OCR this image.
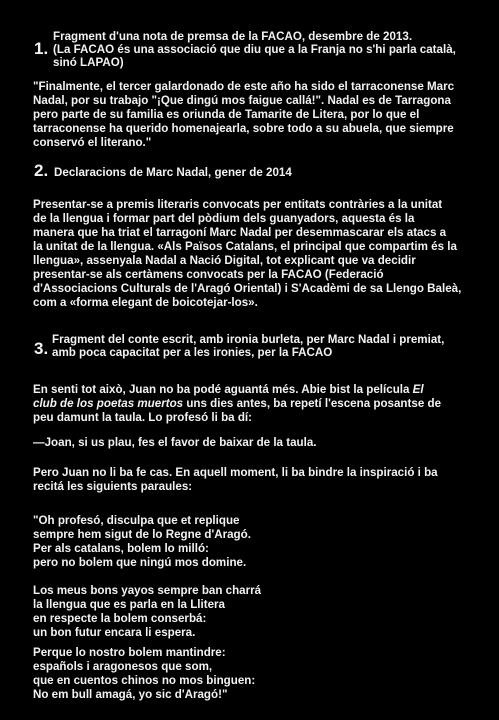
1.
Fragment d'una nota de premsa de la FACAO, desembre de 2013.
(La FACAO és una associació que diu que a la Franja no s'hi parla català,
sinó LAPAO)
"Finalmente, el tercer galardonado de este año ha sido el tarraconense Marc
Nadal, por su trabajo "¡Que dingú mos faigue callá!". Nadal es de Tarragona
pero parte de su familia es oriunda de Tamarite de Litera, por lo que el
tarraconense ha querido homenajearla, sobre todo a su abuela, que siempre
conservó el literano."
2. Declaracions de Marc Nadal, gener de 2014
Presentar-se a premis literaris convocats per entitats contràries a la unitat
de la llengua i formar part del pòdium dels guanyadors, aquesta és la
manera que ha triat el tarragoní Marc Nadal per desemmascarar els atacs a
la unitat de la llengua. «Als Països Catalans, el principal que compartim és la
llengua», assenyala Nadal a Nació Digital, tot explicant que va decidir
presentar-se als certàmens convocats per la FACAO (Federació
d'Associacions Culturals de l'Aragó Oriental) i S'Acadèmi de sa Llengo Baleà,
com a «forma elegant de boicotejar-los».
3. Fragment del conte escrit, amb ironia burleta, per Marc Nadal i premiat,
amb poca capacitat per a les ironies, per la FACAO
En senti tot això, Juan no ba podé aguantá més. Abie bist la película El
club de los poetas muertos uns dies antes, ba repetí l'escena posantse de
peu damunt la taula. Lo profesó li ba dí:
—Joan, si us plau, fes el favor de baixar de la taula.
Pero Juan no li ba fe cas. En aquell moment, li ba bindre la inspiració i ba
recitá les siguients paraules:
"Oh profesó, disculpa que et replique
sempre hem sigut de lo Regne d'Aragó.
Per als catalans, bolem lo milló:
pero no bolem que ningú mos domine.
Los meus bons yayos sempre ban charrá
la llengua que es parla en la Llitera
en respecte la bolem conserbá:
un bon futur encara li espera.
Perque lo nostro bolem mantindre:
españols i aragonesos que som,
que en cuentos chinos no mos binguen:
No em bull amagá, yo sic d'Aragó!"
